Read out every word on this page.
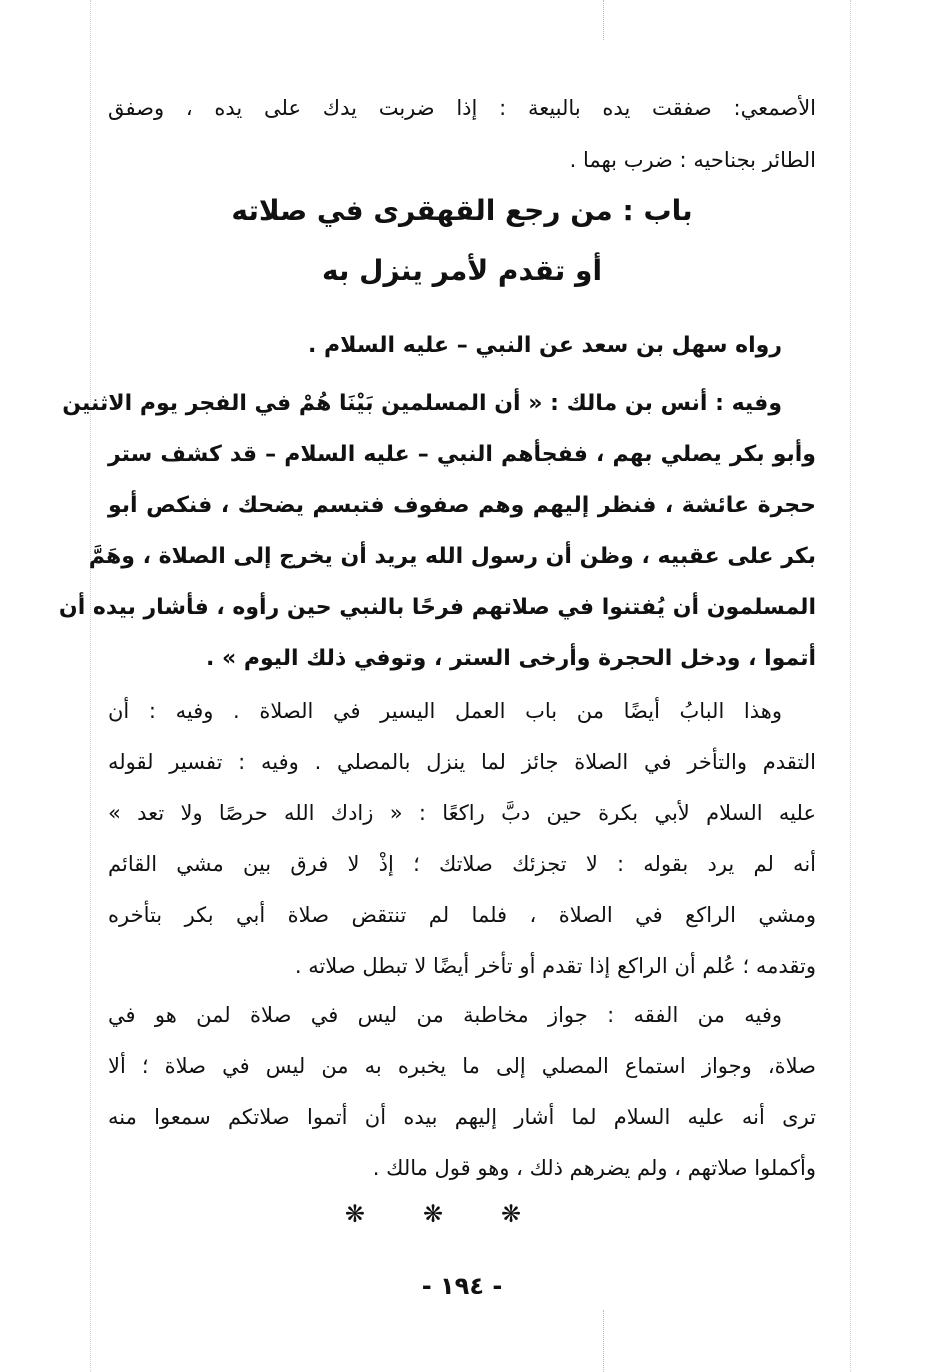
الأصمعي: صفقت يده بالبيعة : إذا ضربت يدك على يده ، وصفق
الطائر بجناحيه : ضرب بهما .
باب : من رجع القهقرى في صلاته
أو تقدم لأمر ينزل به
رواه سهل بن سعد عن النبي – عليه السلام .
وفيه : أنس بن مالك : « أن المسلمين بَيْنَا هُمْ في الفجر يوم الاثنين
وأبو بكر يصلي بهم ، ففجأهم النبي – عليه السلام – قد كشف ستر
حجرة عائشة ، فنظر إليهم وهم صفوف فتبسم يضحك ، فنكص أبو
بكر على عقبيه ، وظن أن رسول الله يريد أن يخرج إلى الصلاة ، وهَمَّ
المسلمون أن يُفتنوا في صلاتهم فرحًا بالنبي حين رأوه ، فأشار بيده أن
أتموا ، ودخل الحجرة وأرخى الستر ، وتوفي ذلك اليوم » .
وهذا البابُ أيضًا من باب العمل اليسير في الصلاة . وفيه : أن
التقدم والتأخر في الصلاة جائز لما ينزل بالمصلي . وفيه : تفسير لقوله
عليه السلام لأبي بكرة حين دبَّ راكعًا : « زادك الله حرصًا ولا تعد »
أنه لم يرد بقوله : لا تجزئك صلاتك ؛ إذْ لا فرق بين مشي القائم
ومشي الراكع في الصلاة ، فلما لم تنتقض صلاة أبي بكر بتأخره
وتقدمه ؛ عُلم أن الراكع إذا تقدم أو تأخر أيضًا لا تبطل صلاته .
وفيه من الفقه : جواز مخاطبة من ليس في صلاة لمن هو في
صلاة، وجواز استماع المصلي إلى ما يخبره به من ليس في صلاة ؛ ألا
ترى أنه عليه السلام لما أشار إليهم بيده أن أتموا صلاتكم سمعوا منه
وأكملوا صلاتهم ، ولم يضرهم ذلك ، وهو قول مالك .
❋❋❋
- ١٩٤ -
